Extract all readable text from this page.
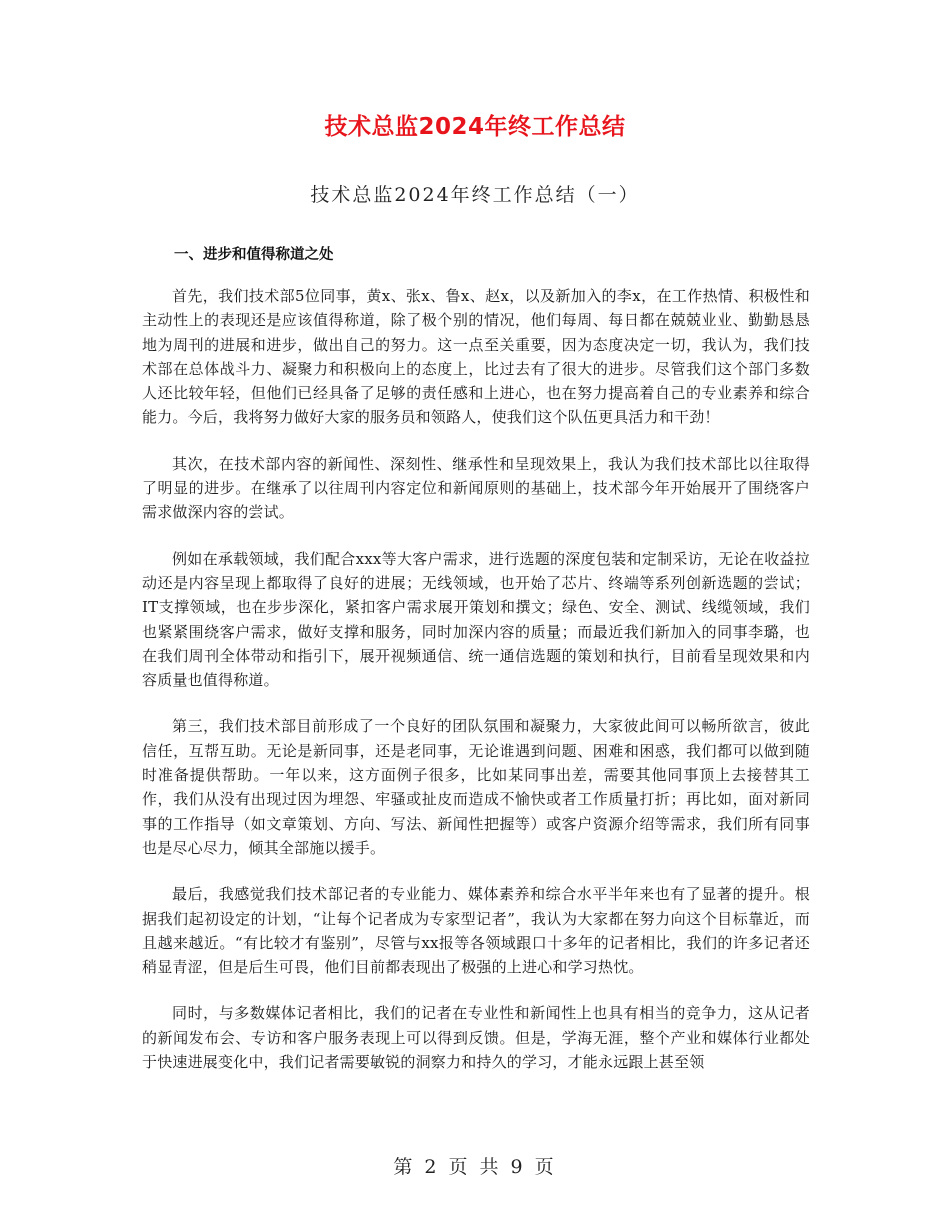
技术总监2024年终工作总结
技术总监2024年终工作总结（一）
一、进步和值得称道之处

首先，我们技术部5位同事，黄x、张x、鲁x、赵x，以及新加入的李x，在工作热情、积极性和主动性上的表现还是应该值得称道，除了极个别的情况，他们每周、每日都在兢兢业业、勤勤恳恳地为周刊的进展和进步，做出自己的努力。这一点至关重要，因为态度决定一切，我认为，我们技术部在总体战斗力、凝聚力和积极向上的态度上，比过去有了很大的进步。尽管我们这个部门多数人还比较年轻，但他们已经具备了足够的责任感和上进心，也在努力提高着自己的专业素养和综合能力。今后，我将努力做好大家的服务员和领路人，使我们这个队伍更具活力和干劲！

其次，在技术部内容的新闻性、深刻性、继承性和呈现效果上，我认为我们技术部比以往取得了明显的进步。在继承了以往周刊内容定位和新闻原则的基础上，技术部今年开始展开了围绕客户需求做深内容的尝试。

例如在承载领域，我们配合xxx等大客户需求，进行选题的深度包装和定制采访，无论在收益拉动还是内容呈现上都取得了良好的进展；无线领域，也开始了芯片、终端等系列创新选题的尝试；IT支撑领域，也在步步深化，紧扣客户需求展开策划和撰文；绿色、安全、测试、线缆领域，我们也紧紧围绕客户需求，做好支撑和服务，同时加深内容的质量；而最近我们新加入的同事李璐，也在我们周刊全体带动和指引下，展开视频通信、统一通信选题的策划和执行，目前看呈现效果和内容质量也值得称道。

第三，我们技术部目前形成了一个良好的团队氛围和凝聚力，大家彼此间可以畅所欲言，彼此信任，互帮互助。无论是新同事，还是老同事，无论谁遇到问题、困难和困惑，我们都可以做到随时准备提供帮助。一年以来，这方面例子很多，比如某同事出差，需要其他同事顶上去接替其工作，我们从没有出现过因为埋怨、牢骚或扯皮而造成不愉快或者工作质量打折；再比如，面对新同事的工作指导（如文章策划、方向、写法、新闻性把握等）或客户资源介绍等需求，我们所有同事也是尽心尽力，倾其全部施以援手。

最后，我感觉我们技术部记者的专业能力、媒体素养和综合水平半年来也有了显著的提升。根据我们起初设定的计划，“让每个记者成为专家型记者”，我认为大家都在努力向这个目标靠近，而且越来越近。“有比较才有鉴别”，尽管与xx报等各领域跟口十多年的记者相比，我们的许多记者还稍显青涩，但是后生可畏，他们目前都表现出了极强的上进心和学习热忱。

同时，与多数媒体记者相比，我们的记者在专业性和新闻性上也具有相当的竞争力，这从记者的新闻发布会、专访和客户服务表现上可以得到反馈。但是，学海无涯，整个产业和媒体行业都处于快速进展变化中，我们记者需要敏锐的洞察力和持久的学习，才能永远跟上甚至领

第 2 页 共 9 页
